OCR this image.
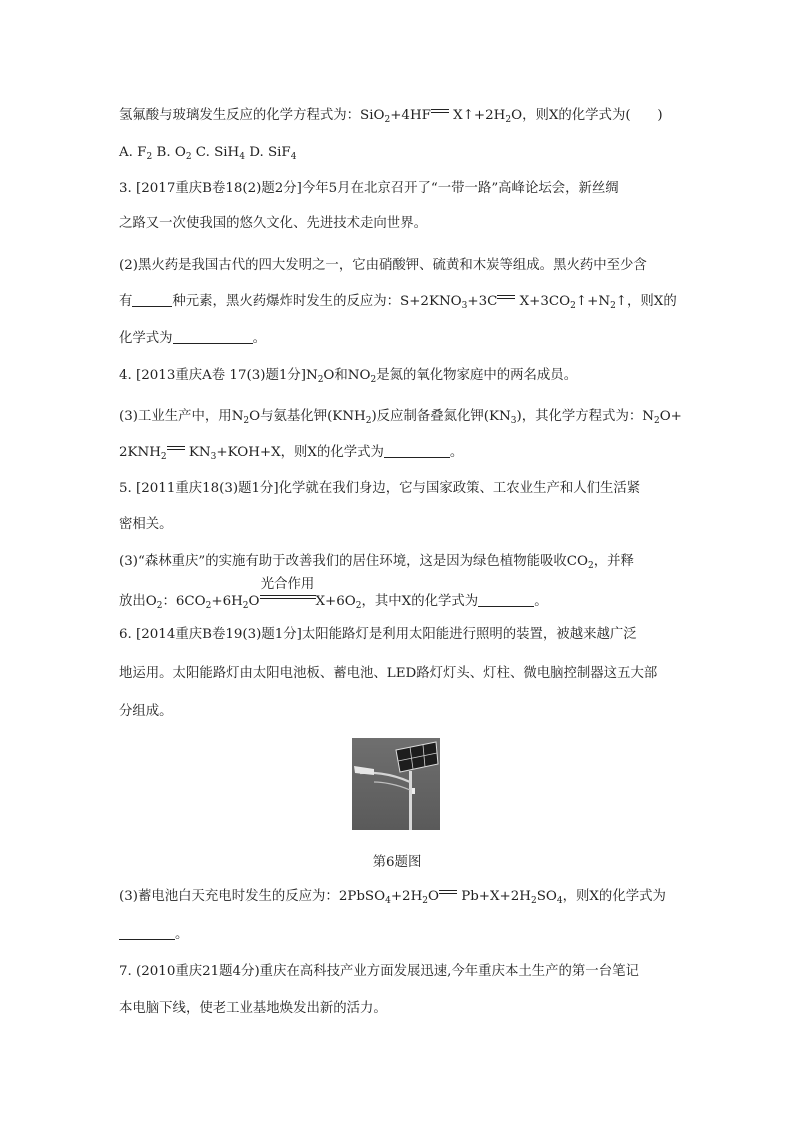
氢氟酸与玻璃发生反应的化学方程式为：SiO$_2$+4HF $X↑+2H_2O$，则X的化学式为(　　)
A. $F_2$ B. $O_2$ C. SiH$_4$ D. SiF$_4$
3. [2017重庆B卷18(2)题2分]今年5月在北京召开了“一带一路”高峰论坛会，新丝绸
之路又一次使我国的悠久文化、先进技术走向世界。
(2)黑火药是我国古代的四大发明之一，它由硝酸钾、硫黄和木炭等组成。黑火药中至少含
有	种元素，黑火药爆炸时发生的反应为：$S+2KNO_3+3C$ $X+3CO_2↑+N_2↑$，则X的
化学式为	。
4. [2013重庆A卷 17(3)题1分]$N_2O$和$NO_2$是氮的氧化物家庭中的两名成员。
(3)工业生产中，用$N_2O$与氨基化钾$(KNH_2)$反应制备叠氮化钾$(KN_3)$，其化学方程式为：$N_2O+$
$2KNH_2$ $KN_3+KOH+X$，则X的化学式为	。
5. [2011重庆18(3)题1分]化学就在我们身边，它与国家政策、工农业生产和人们生活紧
密相关。
(3)“森林重庆”的实施有助于改善我们的居住环境，这是因为绿色植物能吸收$CO_2$，并释
放出$O_2$：$6CO_2+6H_2O$
光合作用
$X+6O_2$，其中X的化学式为	。
6. [2014重庆B卷19(3)题1分]太阳能路灯是利用太阳能进行照明的装置，被越来越广泛
地运用。太阳能路灯由太阳电池板、蓄电池、LED路灯灯头、灯柱、微电脑控制器这五大部
分组成。
第6题图
(3)蓄电池白天充电时发生的反应为：$2PbSO_4+2H_2O$ $Pb+X+2H_2SO_4$，则X的化学式为
。
7. (2010重庆21题4分)重庆在高科技产业方面发展迅速,今年重庆本土生产的第一台笔记
本电脑下线，使老工业基地焕发出新的活力。
